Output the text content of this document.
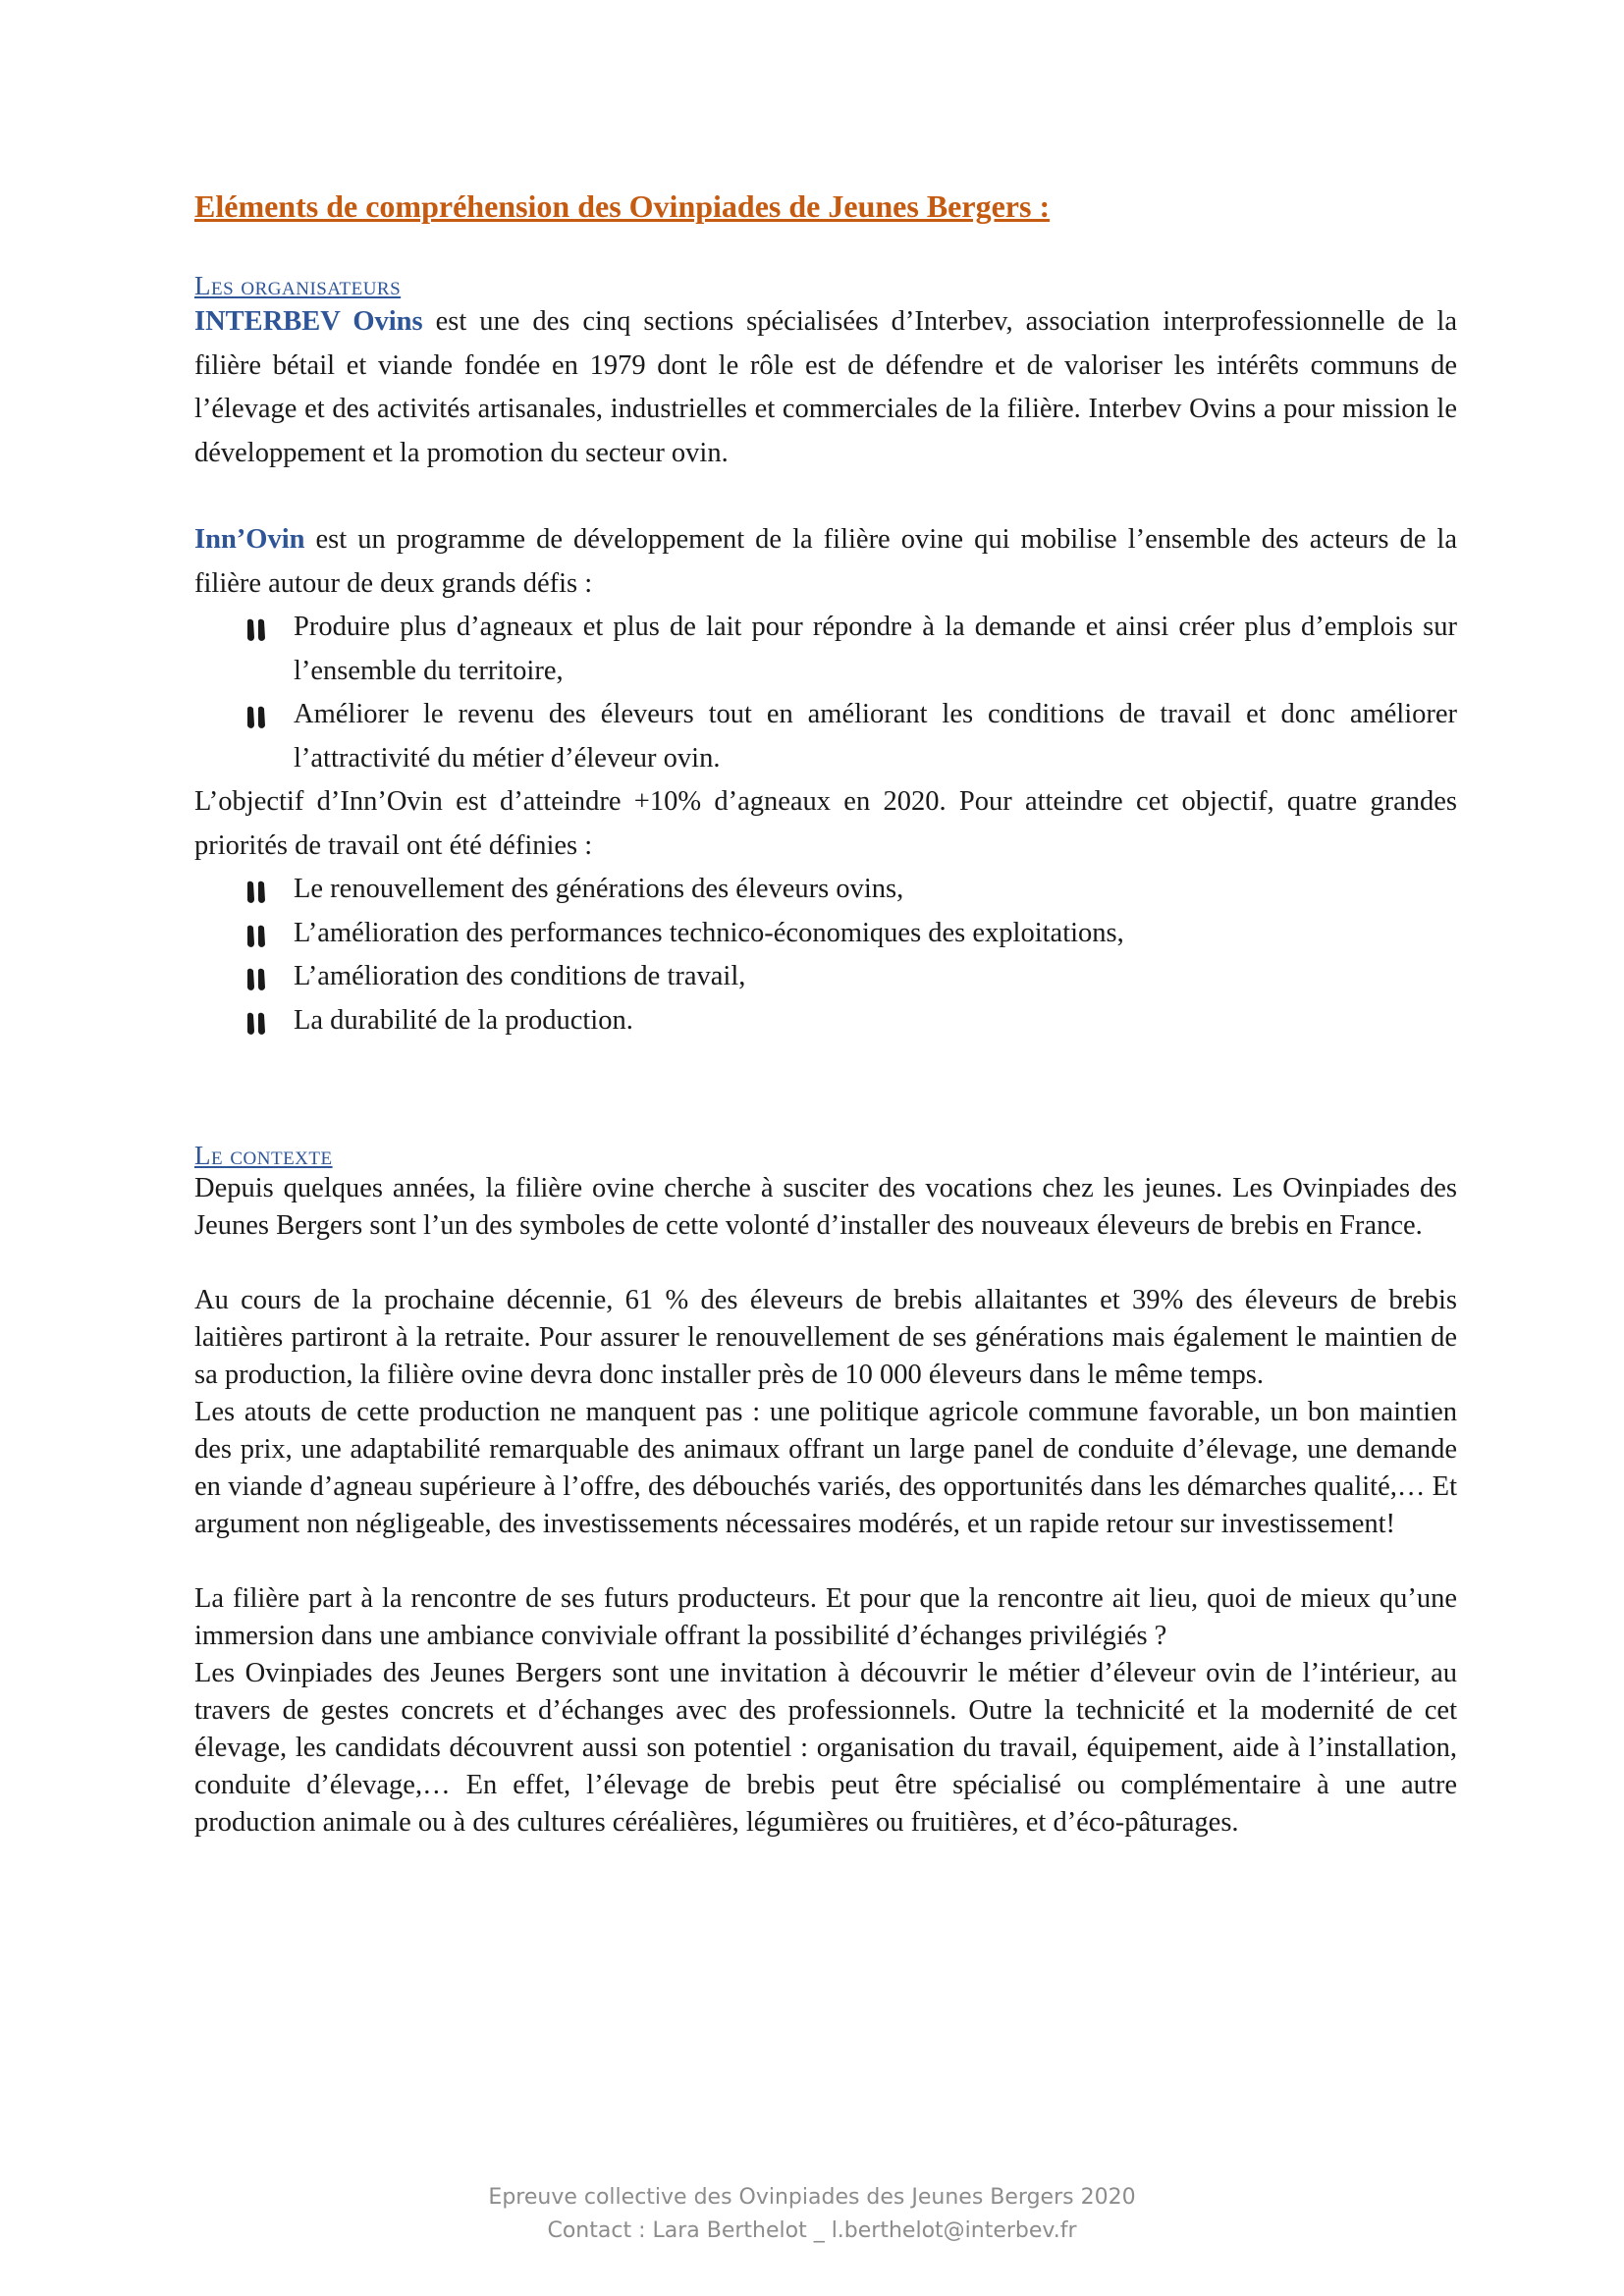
Eléments de compréhension des Ovinpiades de Jeunes Bergers :
Les organisateurs

INTERBEV Ovins est une des cinq sections spécialisées d’Interbev, association interprofessionnelle de la filière bétail et viande fondée en 1979 dont le rôle est de défendre et de valoriser les intérêts communs de l’élevage et des activités artisanales, industrielles et commerciales de la filière. Interbev Ovins a pour mission le développement et la promotion du secteur ovin.

Inn’Ovin est un programme de développement de la filière ovine qui mobilise l’ensemble des acteurs de la filière autour de deux grands défis :

Produire plus d’agneaux et plus de lait pour répondre à la demande et ainsi créer plus d’emplois sur l’ensemble du territoire,
Améliorer le revenu des éleveurs tout en améliorant les conditions de travail et donc améliorer l’attractivité du métier d’éleveur ovin.

L’objectif d’Inn’Ovin est d’atteindre +10% d’agneaux en 2020. Pour atteindre cet objectif, quatre grandes priorités de travail ont été définies :

Le renouvellement des générations des éleveurs ovins,
L’amélioration des performances technico-économiques des exploitations,
L’amélioration des conditions de travail,
La durabilité de la production.
Le contexte

Depuis quelques années, la filière ovine cherche à susciter des vocations chez les jeunes. Les Ovinpiades des Jeunes Bergers sont l’un des symboles de cette volonté d’installer des nouveaux éleveurs de brebis en France.

Au cours de la prochaine décennie, 61 % des éleveurs de brebis allaitantes et 39% des éleveurs de brebis laitières partiront à la retraite. Pour assurer le renouvellement de ses générations mais également le maintien de sa production, la filière ovine devra donc installer près de 10 000 éleveurs dans le même temps.

Les atouts de cette production ne manquent pas : une politique agricole commune favorable, un bon maintien des prix, une adaptabilité remarquable des animaux offrant un large panel de conduite d’élevage, une demande en viande d’agneau supérieure à l’offre, des débouchés variés, des opportunités dans les démarches qualité,… Et argument non négligeable, des investissements nécessaires modérés, et un rapide retour sur investissement!

La filière part à la rencontre de ses futurs producteurs. Et pour que la rencontre ait lieu, quoi de mieux qu’une immersion dans une ambiance conviviale offrant la possibilité d’échanges privilégiés ?

Les Ovinpiades des Jeunes Bergers sont une invitation à découvrir le métier d’éleveur ovin de l’intérieur, au travers de gestes concrets et d’échanges avec des professionnels. Outre la technicité et la modernité de cet élevage, les candidats découvrent aussi son potentiel : organisation du travail, équipement, aide à l’installation, conduite d’élevage,… En effet, l’élevage de brebis peut être spécialisé ou complémentaire à une autre production animale ou à des cultures céréalières, légumières ou fruitières, et d’éco-pâturages.

Epreuve collective des Ovinpiades des Jeunes Bergers 2020
Contact : Lara Berthelot _ l.berthelot@interbev.fr
